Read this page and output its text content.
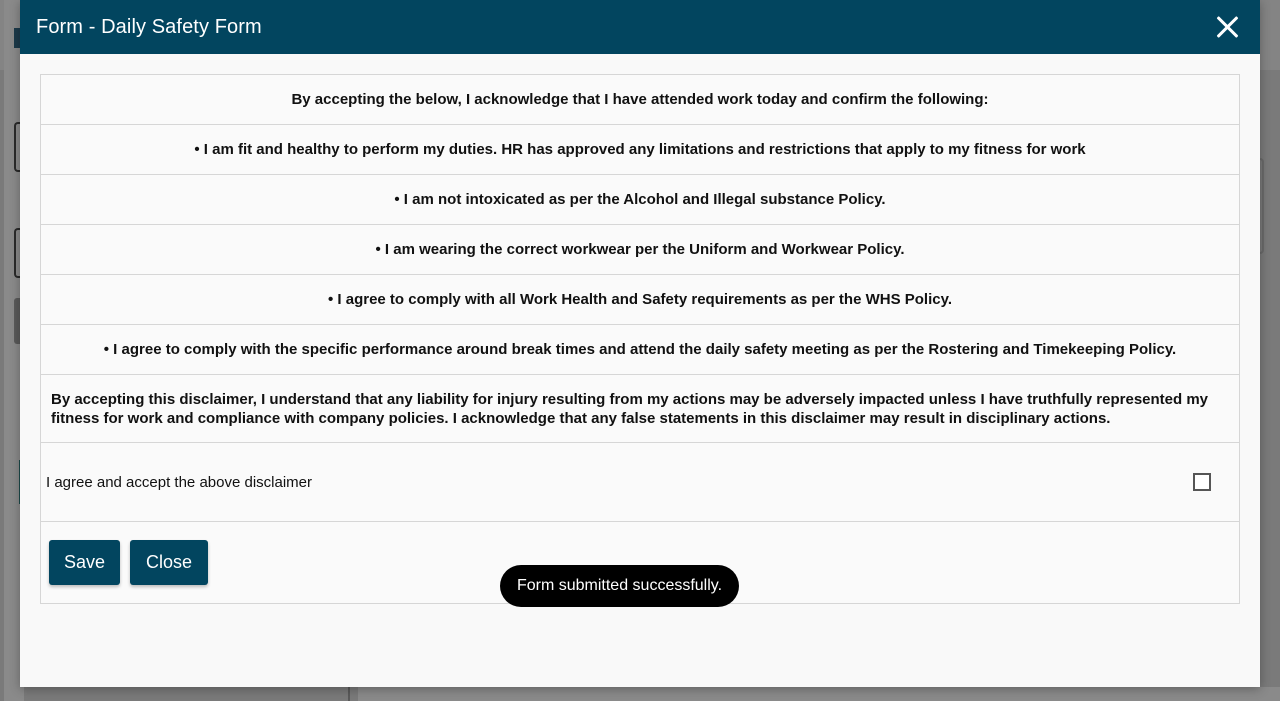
Form - Daily Safety Form
By accepting the below, I acknowledge that I have attended work today and confirm the following:
• I am fit and healthy to perform my duties. HR has approved any limitations and restrictions that apply to my fitness for work
• I am not intoxicated as per the Alcohol and Illegal substance Policy.
• I am wearing the correct workwear per the Uniform and Workwear Policy.
• I agree to comply with all Work Health and Safety requirements as per the WHS Policy.
• I agree to comply with the specific performance around break times and attend the daily safety meeting as per the Rostering and Timekeeping Policy.
By accepting this disclaimer, I understand that any liability for injury resulting from my actions may be adversely impacted unless I have truthfully represented my fitness for work and compliance with company policies. I acknowledge that any false statements in this disclaimer may result in disciplinary actions.
I agree and accept the above disclaimer
Save	Close
Form submitted successfully.
